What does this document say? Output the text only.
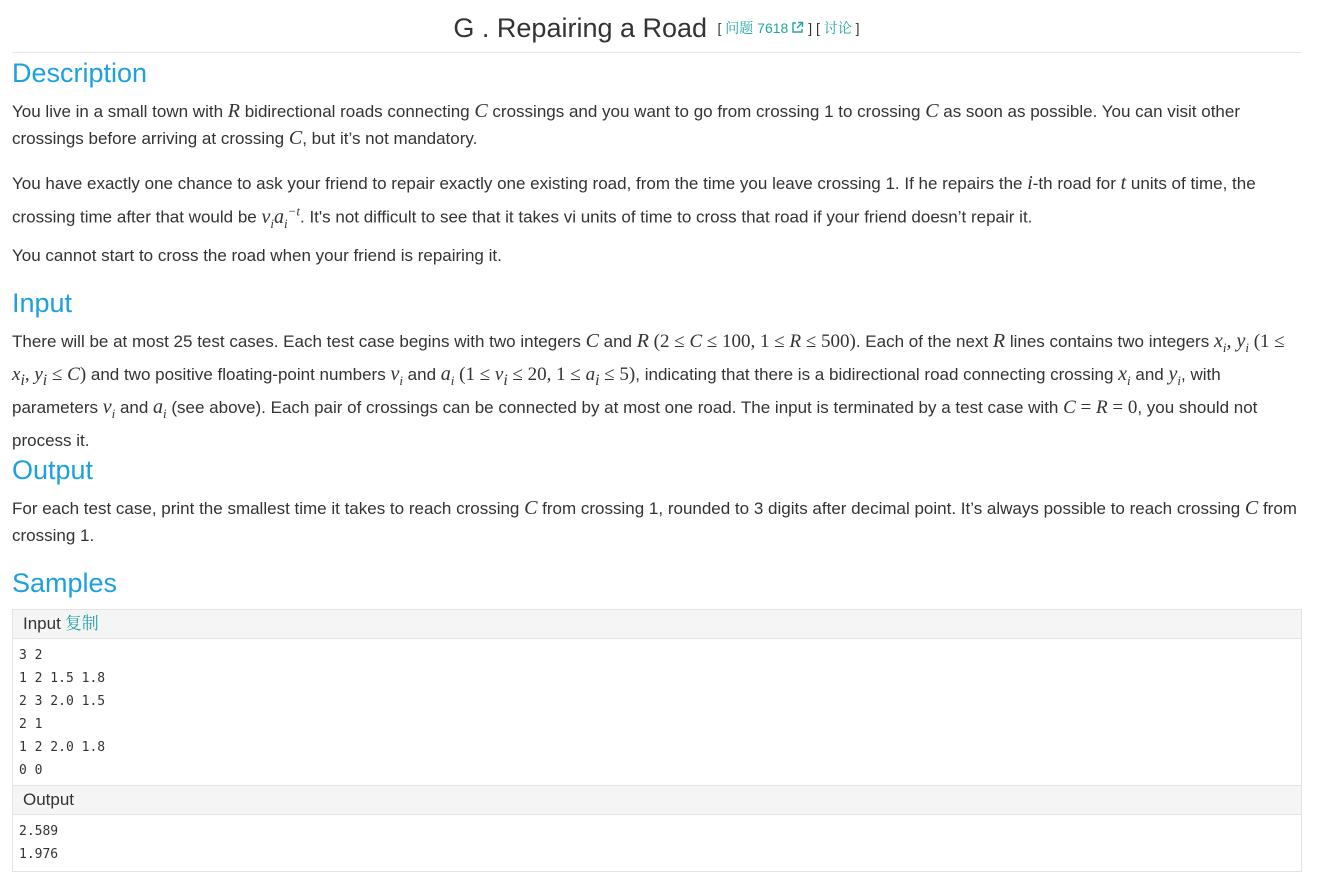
G . Repairing a Road [ 问题 7618 ] [ 讨论 ]
Description
You live in a small town with R bidirectional roads connecting C crossings and you want to go from crossing 1 to crossing C as soon as possible. You can visit other crossings before arriving at crossing C, but it’s not mandatory.
You have exactly one chance to ask your friend to repair exactly one existing road, from the time you leave crossing 1. If he repairs the i-th road for t units of time, the crossing time after that would be $v_ia_i^{-t}$. It's not difficult to see that it takes vi units of time to cross that road if your friend doesn’t repair it.
You cannot start to cross the road when your friend is repairing it.
Input
There will be at most 25 test cases. Each test case begins with two integers C and R (2 ≤ C ≤ 100, 1 ≤ R ≤ 500). Each of the next R lines contains two integers $x_i$, $y_i$ ($1 \le x_i$, $y_i \le C$) and two positive floating-point numbers $v_i$ and $a_i$ ($1 \le v_i \le 20$, $1 \le a_i \le 5$), indicating that there is a bidirectional road connecting crossing $x_i$ and $y_i$, with parameters $v_i$ and $a_i$ (see above). Each pair of crossings can be connected by at most one road. The input is terminated by a test case with C = R = 0, you should not process it.
Output
For each test case, print the smallest time it takes to reach crossing C from crossing 1, rounded to 3 digits after decimal point. It’s always possible to reach crossing C from crossing 1.
Samples
Input 复制
3 2
1 2 1.5 1.8
2 3 2.0 1.5
2 1
1 2 2.0 1.8
0 0
Output
2.589
1.976
